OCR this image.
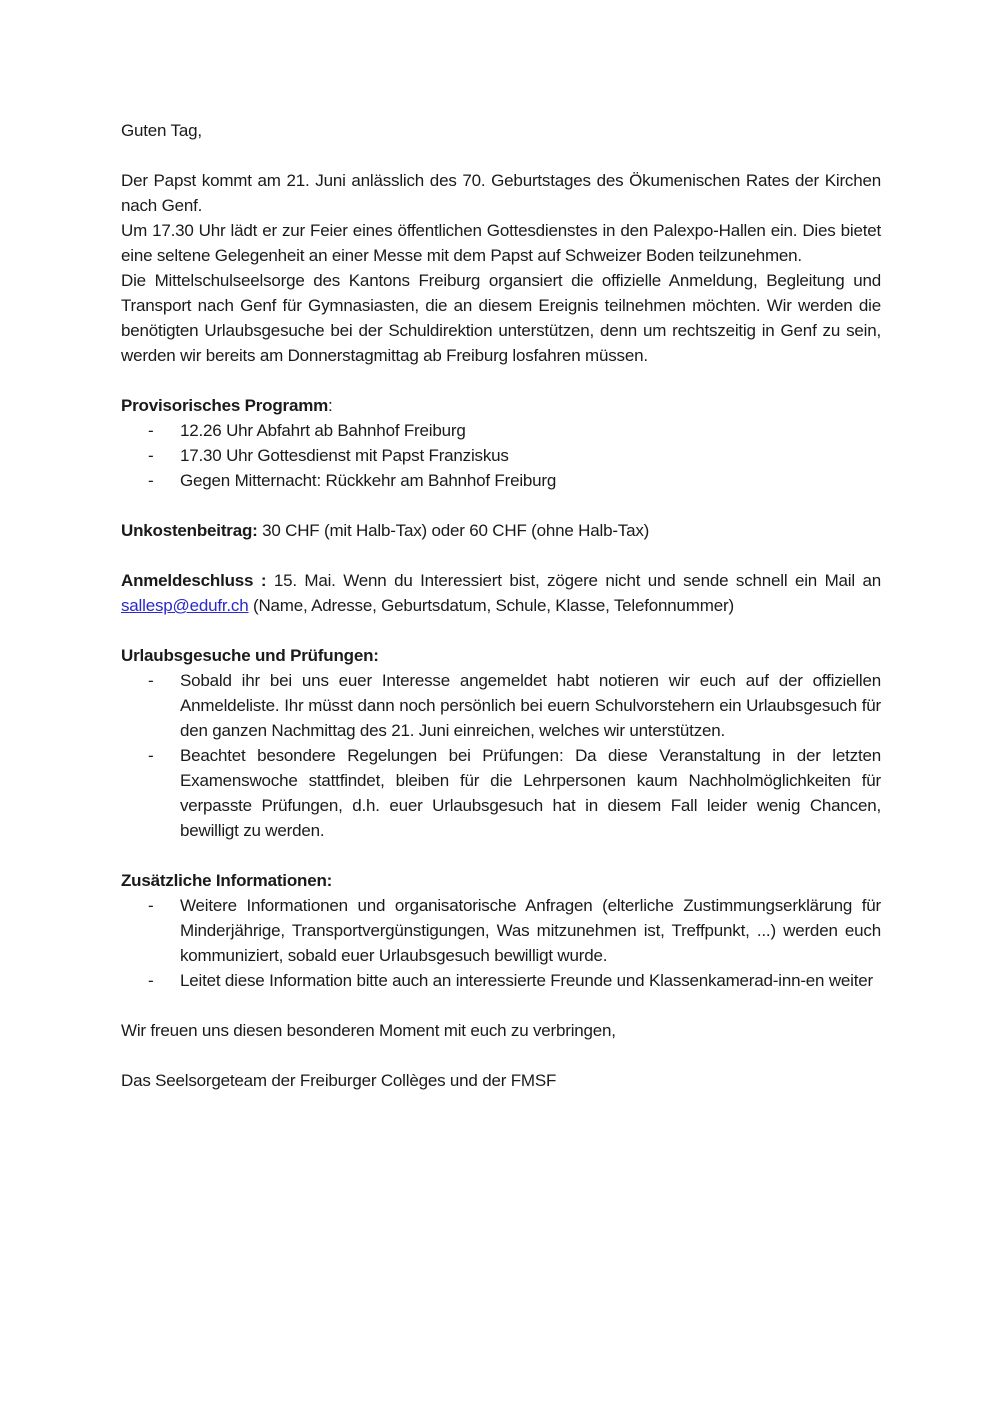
Guten Tag,

Der Papst kommt am 21. Juni anlässlich des 70. Geburtstages des Ökumenischen Rates der Kirchen nach Genf.

Um 17.30 Uhr lädt er zur Feier eines öffentlichen Gottesdienstes in den Palexpo-Hallen ein. Dies bietet eine seltene Gelegenheit an einer Messe mit dem Papst auf Schweizer Boden teilzunehmen.

Die Mittelschulseelsorge des Kantons Freiburg organsiert die offizielle Anmeldung, Begleitung und Transport nach Genf für Gymnasiasten, die an diesem Ereignis teilnehmen möchten. Wir werden die benötigten Urlaubsgesuche bei der Schuldirektion unterstützen, denn um rechtszeitig in Genf zu sein, werden wir bereits am Donnerstagmittag ab Freiburg losfahren müssen.

Provisorisches Programm:

-	12.26 Uhr Abfahrt ab Bahnhof Freiburg
-	17.30 Uhr Gottesdienst mit Papst Franziskus
-	Gegen Mitternacht: Rückkehr am Bahnhof Freiburg

Unkostenbeitrag: 30 CHF (mit Halb-Tax) oder 60 CHF (ohne Halb-Tax)

Anmeldeschluss : 15. Mai. Wenn du Interessiert bist, zögere nicht und sende schnell ein Mail an sallesp@edufr.ch (Name, Adresse, Geburtsdatum, Schule, Klasse, Telefonnummer)

Urlaubsgesuche und Prüfungen:

-	Sobald ihr bei uns euer Interesse angemeldet habt notieren wir euch auf der offiziellen Anmeldeliste. Ihr müsst dann noch persönlich bei euern Schulvorstehern ein Urlaubsgesuch für den ganzen Nachmittag des 21. Juni einreichen, welches wir unterstützen.
-	Beachtet besondere Regelungen bei Prüfungen: Da diese Veranstaltung in der letzten Examenswoche stattfindet, bleiben für die Lehrpersonen kaum Nachholmöglichkeiten für verpasste Prüfungen, d.h. euer Urlaubsgesuch hat in diesem Fall leider wenig Chancen, bewilligt zu werden.

Zusätzliche Informationen:

-	Weitere Informationen und organisatorische Anfragen (elterliche Zustimmungserklärung für Minderjährige, Transportvergünstigungen, Was mitzunehmen ist, Treffpunkt, ...) werden euch kommuniziert, sobald euer Urlaubsgesuch bewilligt wurde.
-	Leitet diese Information bitte auch an interessierte Freunde und Klassenkamerad-inn-en weiter

Wir freuen uns diesen besonderen Moment mit euch zu verbringen,

Das Seelsorgeteam der Freiburger Collèges und der FMSF
